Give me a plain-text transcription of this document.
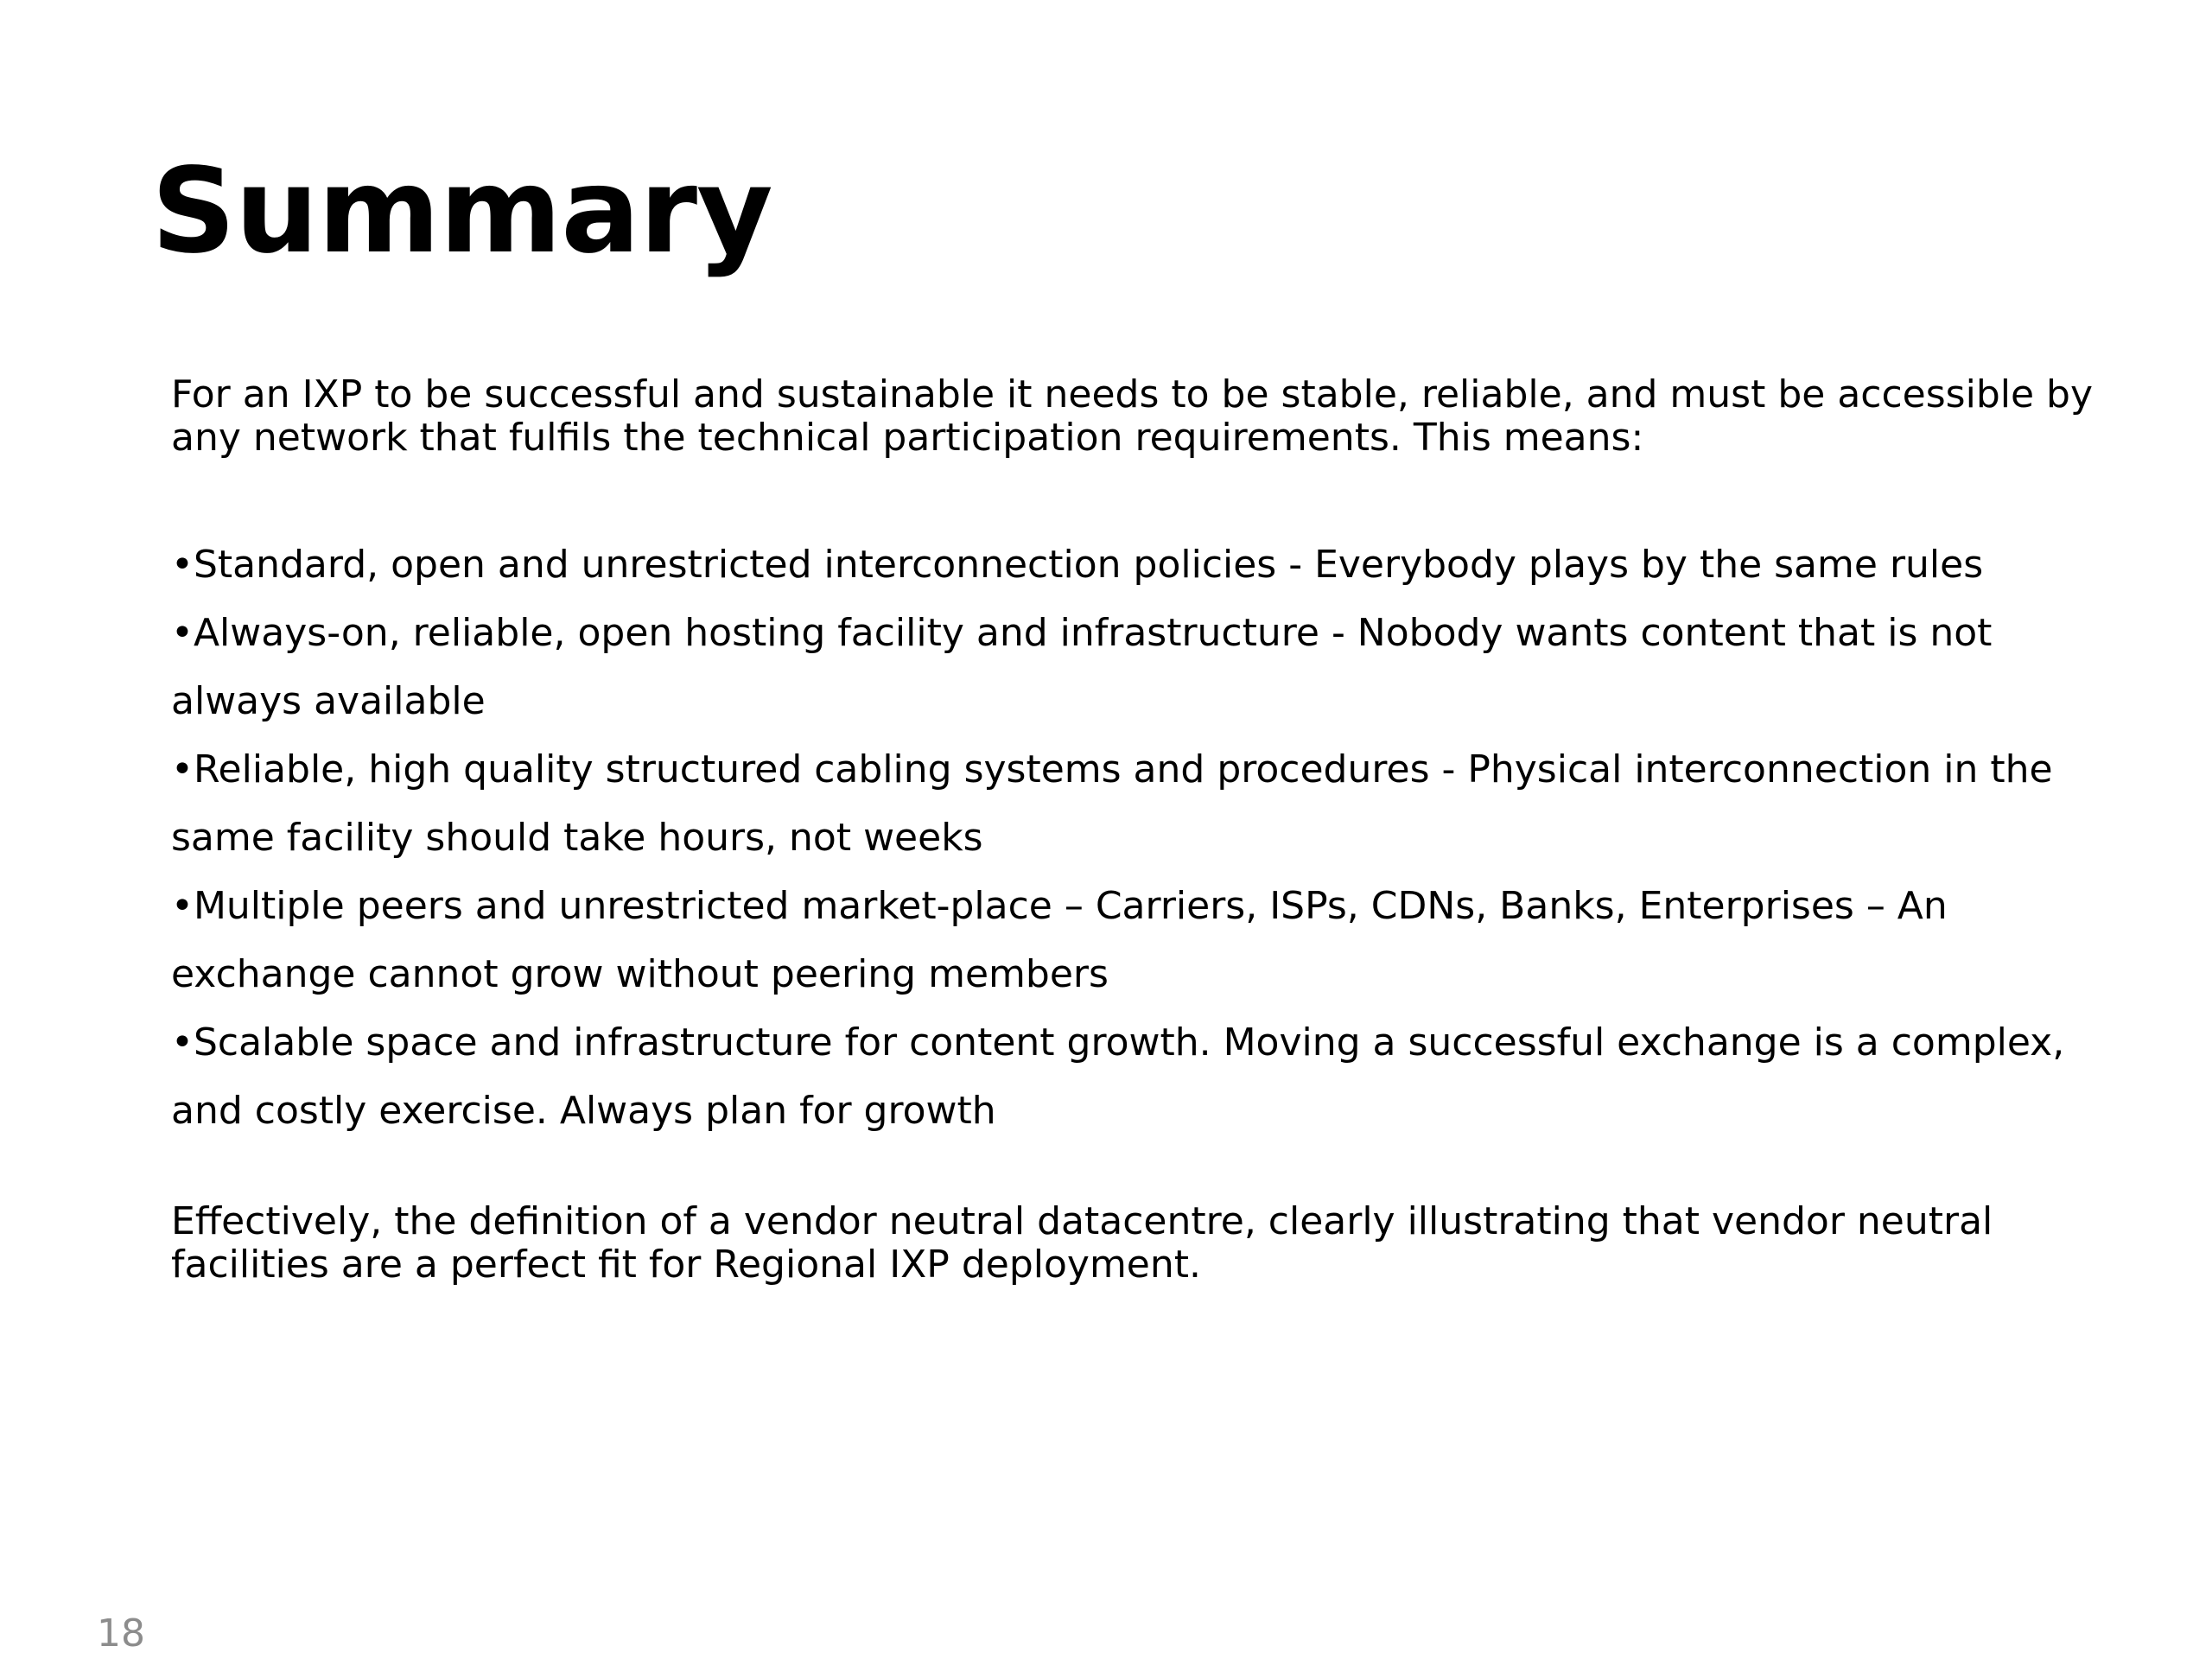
Summary

For an IXP to be successful and sustainable it needs to be stable, reliable, and must be accessible by any network that fulfils the technical participation requirements. This means:

•Standard, open and unrestricted interconnection policies - Everybody plays by the same rules
•Always-on, reliable, open hosting facility and infrastructure - Nobody wants content that is not always available
•Reliable, high quality structured cabling systems and procedures - Physical interconnection in the same facility should take hours, not weeks
•Multiple peers and unrestricted market-place – Carriers, ISPs, CDNs, Banks, Enterprises – An exchange cannot grow without peering members
•Scalable space and infrastructure for content growth. Moving a successful exchange is a complex, and costly exercise. Always plan for growth

Effectively, the definition of a vendor neutral datacentre, clearly illustrating that vendor neutral facilities are a perfect fit for Regional IXP deployment.

18
